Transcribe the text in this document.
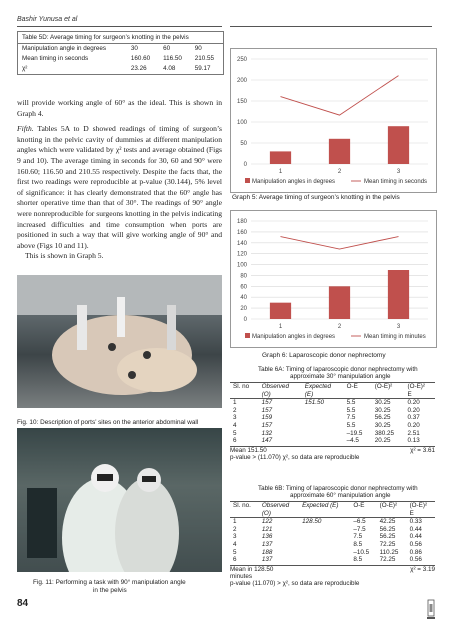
Bashir Yunusa et al
Table 5D: Average timing for surgeon’s knotting in the pelvis
Manipulation angle in degrees	30	60	90
Mean timing in seconds	160.60	116.50	210.55
χ²	23.26	4.08	59.17

will provide working angle of 60° as the ideal. This is shown in Graph 4.

Fifth. Tables 5A to D showed readings of timing of surgeon’s knotting in the pelvic cavity of dummies at different manipulation angles which were validated by χ² tests and average obtained (Figs 9 and 10). The average timing in seconds for 30, 60 and 90° were 160.60; 116.50 and 210.55 respectively. Despite the facts that, the first two readings were reproducible at p-value (30.144), 5% level of significance: it has clearly demonstrated that the 60° angle has shorter operative time than that of 30°. The readings of 90° angle were nonreproducible for surgeons knotting in the pelvis indicating increased difficulties and time consumption when ports are positioned in such a way that will give working angle of 90° and above (Figs 10 and 11).

This is shown in Graph 5.

Fig. 10: Description of ports’ sites on the anterior abdominal wall
Fig. 11: Performing a task with 90° manipulation angle
in the pelvis
0
50
100
150
200
250
1	2	3
Manipulation angles in degrees	Mean timing in seconds
Graph 5: Average timing of surgeon’s knotting in the pelvis
0
20
40
60
80
100
120
140
160
180
1	2	3
Manipulation angles in degrees	Mean timing in minutes
Graph 6: Laparoscopic donor nephrectomy
Table 6A: Timing of laparoscopic donor nephrectomy with
approximate 30° manipulation angle
Sl. no	Observed	Expected	O-E	(O-E)²	(O-E)²
	(O)	(E)			E
1	157	151.50	5.5	30.25	0.20
2	157		5.5	30.25	0.20
3	159		7.5	56.25	0.37
4	157		5.5	30.25	0.20
5	132		–19.5	380.25	2.51
6	147		–4.5	20.25	0.13
Mean 151.50	χ² = 3.61
p-value > (11.070) χ², so data are reproducible
Table 6B: Timing of laparoscopic donor nephrectomy with
approximate 60° manipulation angle
Sl. no.	Observed	Expected (E)	O-E	(O-E)²	(O-E)²
	(O)				E
1	122	128.50	–6.5	42.25	0.33
2	121		–7.5	56.25	0.44
3	136		7.5	56.25	0.44
4	137		8.5	72.25	0.56
5	188		–10.5	110.25	0.86
6	137		8.5	72.25	0.56
Mean in 128.50	χ² = 3.19
minutes
p-value (11.070) > χ², so data are reproducible
84
